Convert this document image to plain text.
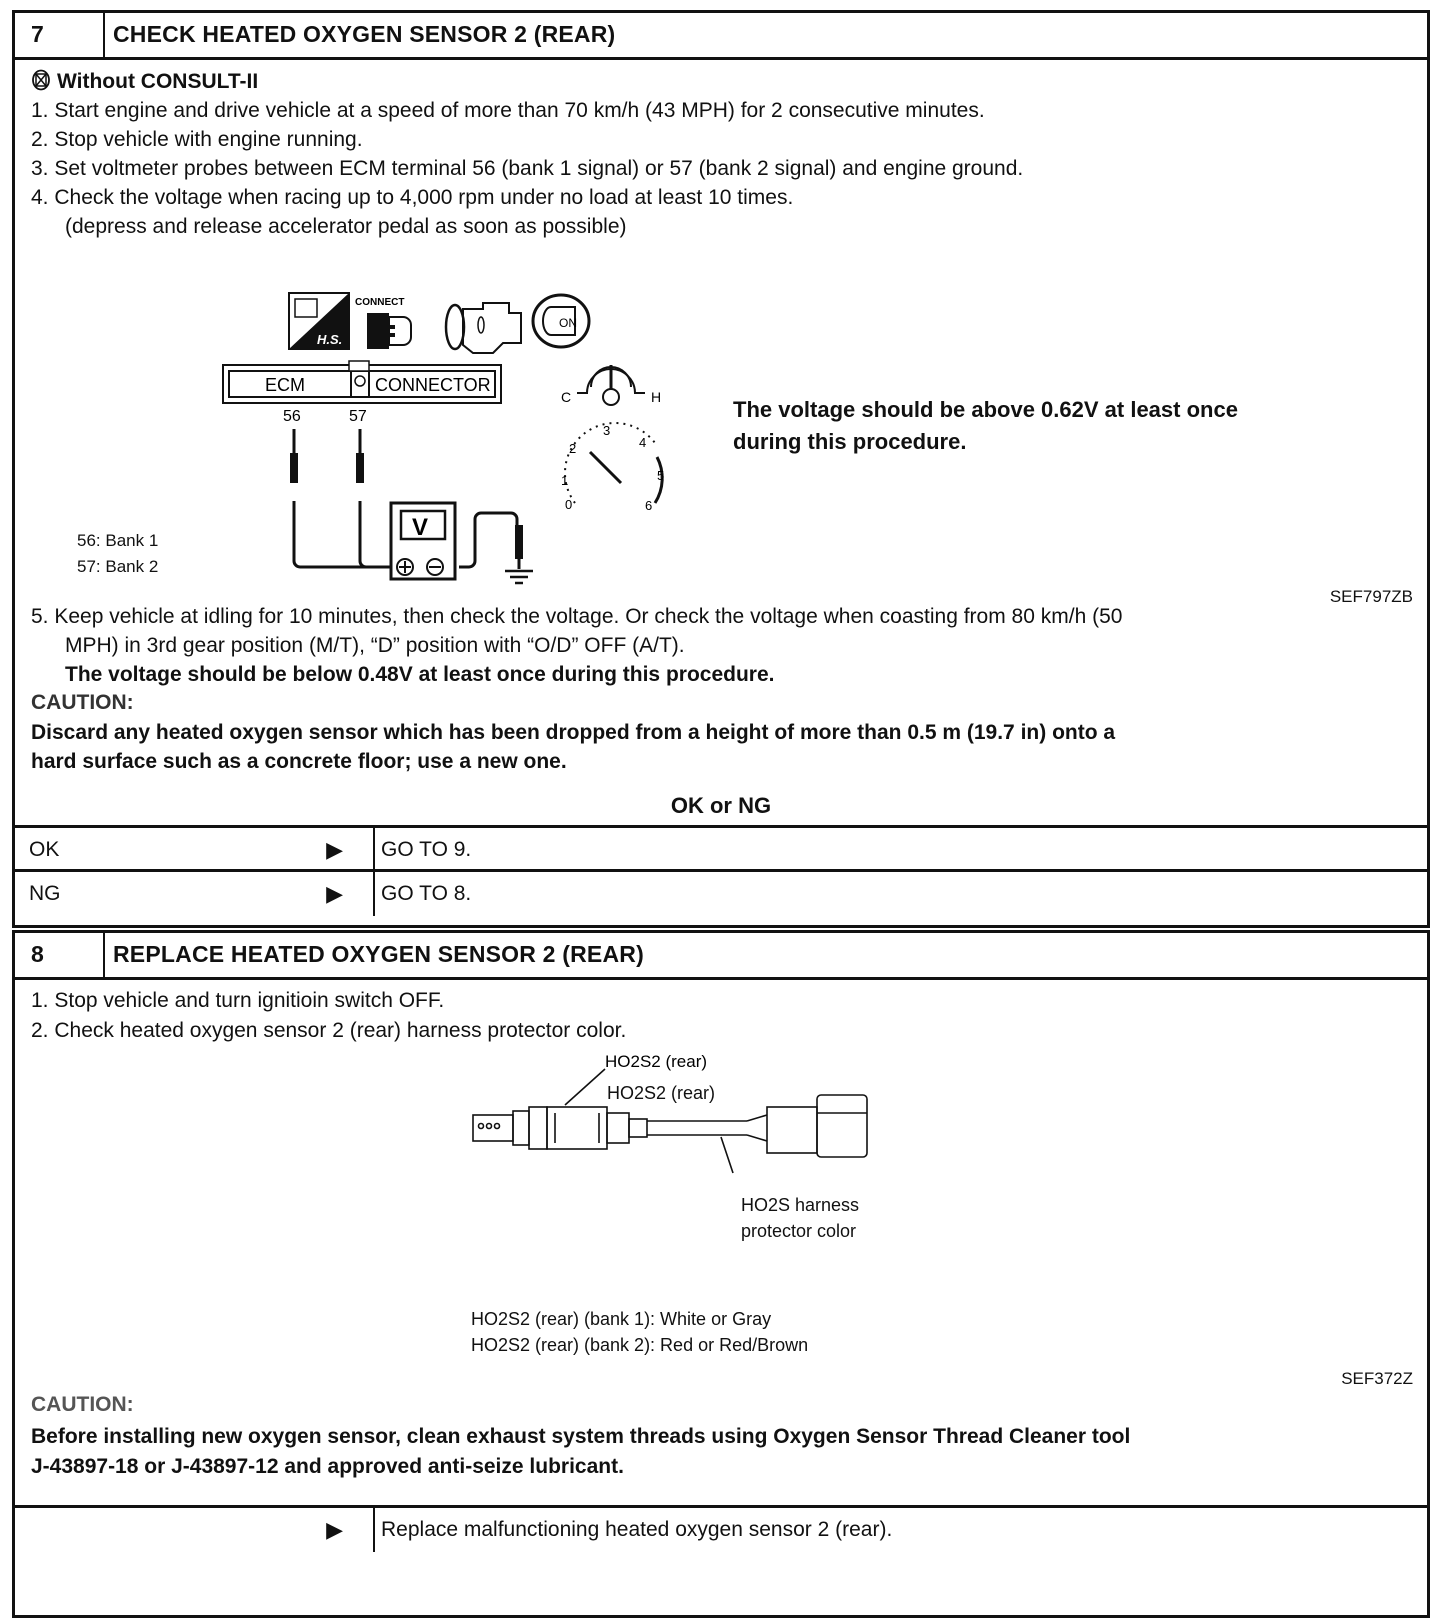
7	CHECK HEATED OXYGEN SENSOR 2 (REAR)
Without CONSULT-II
1. Start engine and drive vehicle at a speed of more than 70 km/h (43 MPH) for 2 consecutive minutes.
2. Stop vehicle with engine running.
3. Set voltmeter probes between ECM terminal 56 (bank 1 signal) or 57 (bank 2 signal) and engine ground.
4. Check the voltage when racing up to 4,000 rpm under no load at least 10 times.
(depress and release accelerator pedal as soon as possible)
H.S.
CONNECT
ON
ECM	CONNECTOR
56	57
V
C	H
0
1
2
3
4
5
6
56: Bank 1
57: Bank 2
The voltage should be above 0.62V at least once
during this procedure.
SEF797ZB
5. Keep vehicle at idling for 10 minutes, then check the voltage. Or check the voltage when coasting from 80 km/h (50
MPH) in 3rd gear position (M/T), “D” position with “O/D” OFF (A/T).
The voltage should be below 0.48V at least once during this procedure.
CAUTION:
Discard any heated oxygen sensor which has been dropped from a height of more than 0.5 m (19.7 in) onto a
hard surface such as a concrete floor; use a new one.
OK or NG
OK	▶ GO TO 9.
NG	▶ GO TO 8.
8	REPLACE HEATED OXYGEN SENSOR 2 (REAR)
1. Stop vehicle and turn ignitioin switch OFF.
2. Check heated oxygen sensor 2 (rear) harness protector color.
HO2S2 (rear)
HO2S2 (rear)
HO2S harness
protector color
HO2S2 (rear) (bank 1): White or Gray
HO2S2 (rear) (bank 2): Red or Red/Brown
SEF372Z
CAUTION:
Before installing new oxygen sensor, clean exhaust system threads using Oxygen Sensor Thread Cleaner tool
J-43897-18 or J-43897-12 and approved anti-seize lubricant.
▶ Replace malfunctioning heated oxygen sensor 2 (rear).
